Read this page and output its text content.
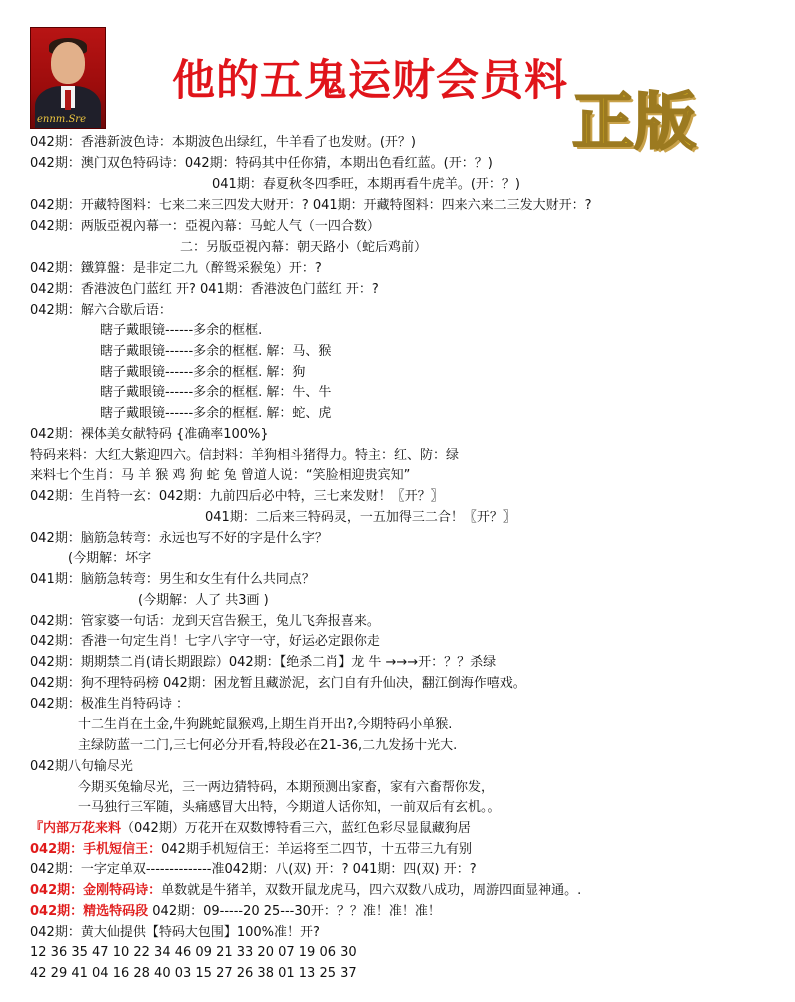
ennm.Sre
他的五鬼运财会员料
正版
042期：香港新波色诗：本期波色出绿红，牛羊看了也发财。(开？)
042期：澳门双色特码诗：042期：特码其中任你猜，本期出色看红蓝。(开：？)
041期：春夏秋冬四季旺，本期再看牛虎羊。(开：？)
042期：开藏特图料：七来二来三四发大财开：? 041期：开藏特图料：四来六来二三发大财开：?
042期：两版亞視內幕一：亞視內幕：马蛇人气（一四合数）
二：另版亞視內幕：朝天路小（蛇后鸡前）
042期：鐵算盤：是非定二九（醉鸳采猴兔）开：?
042期：香港波色门蓝红 开? 041期：香港波色门蓝红 开：?
042期：解六合歇后语：
瞎子戴眼镜------多余的框框.
瞎子戴眼镜------多余的框框. 解：马、猴
瞎子戴眼镜------多余的框框. 解：狗
瞎子戴眼镜------多余的框框. 解：牛、牛
瞎子戴眼镜------多余的框框. 解：蛇、虎
042期：裸体美女献特码 {准确率100%}
特码来料：大红大紫迎四六。信封料：羊狗相斗猪得力。特主：红、防：绿
来料七个生肖：马 羊 猴 鸡 狗 蛇 兔 曾道人说：“笑脸相迎贵宾知”
042期：生肖特一玄：042期：九前四后必中特，三七来发财！〖开？〗
041期：二后来三特码灵，一五加得三二合！〖开？〗
042期：脑筋急转弯：永远也写不好的字是什么字？
(今期解：坏字
041期：脑筋急转弯：男生和女生有什么共同点？
(今期解：人了 共3画 )
042期：管家婆一句话：龙到天宫告猴王，兔儿飞奔报喜来。
042期：香港一句定生肖！七字八字守一守，好运必定跟你走
042期：期期禁二肖(请长期跟踪）042期：【绝杀二肖】龙 牛 →→→开：？？杀绿
042期：狗不理特码榜 042期：困龙暂且藏淤泥，玄门自有升仙决，翻江倒海作嘻戏。
042期：极准生肖特码诗 ：
十二生肖在土金,牛狗跳蛇鼠猴鸡,上期生肖开出?,今期特码小单猴.
主绿防蓝一二门,三七何必分开看,特段必在21-36,二九发扬十光大.
042期八句输尽光
今期买兔输尽光，三一两边猜特码，本期预测出家畜，家有六畜帮你发，
一马独行三军随，头痛感冒大出特，今期道人话你知，一前双后有玄机。。
『内部万花来料（042期）万花开在双数博特看三六，蓝红色彩尽显鼠藏狗居
042期：手机短信王：042期手机短信王：羊运将至二四节，十五带三九有别
042期：一字定单双--------------准042期：八(双) 开：? 041期：四(双) 开：?
042期：金刚特码诗：单数就是牛猪羊，双数开鼠龙虎马，四六双数八成功，周游四面显神通。.
042期：精选特码段 042期：09-----20 25---30开：？？准！准！准！
042期：黄大仙提供【特码大包围】100%准！开?
12 36 35 47 10 22 34 46 09 21 33 20 07 19 06 30
42 29 41 04 16 28 40 03 15 27 26 38 01 13 25 37
